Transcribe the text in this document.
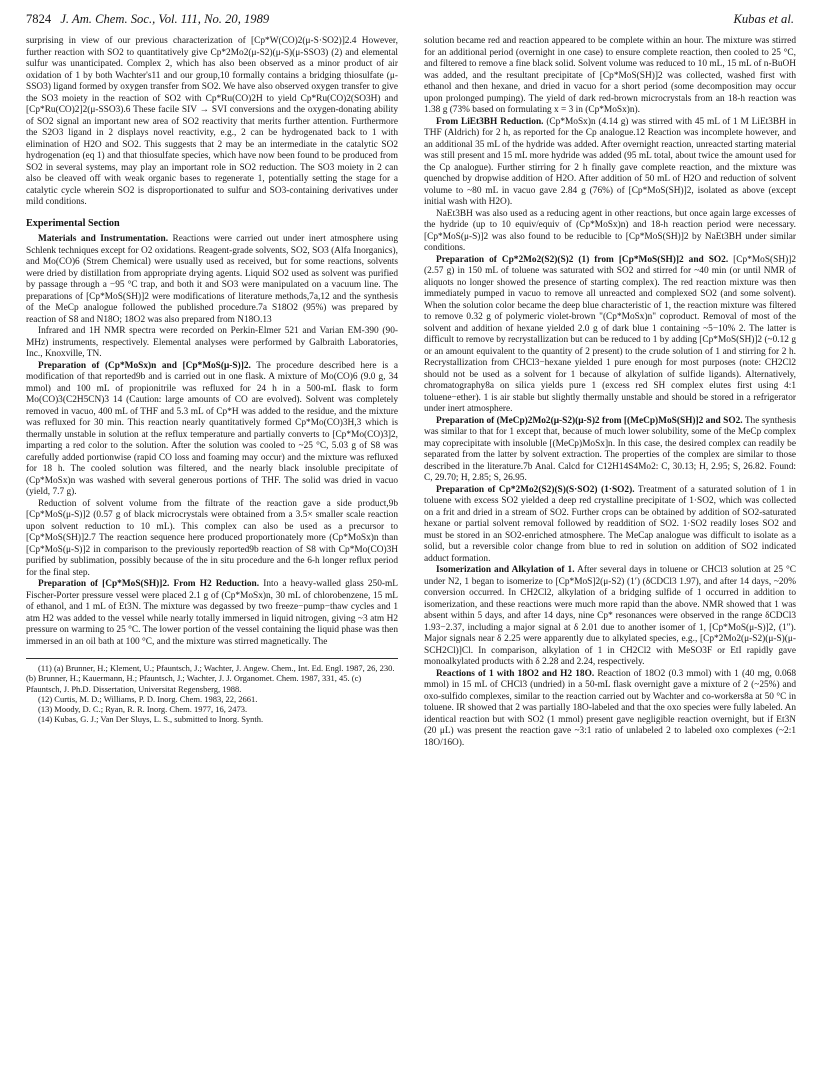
7824 J. Am. Chem. Soc., Vol. 111, No. 20, 1989	Kubas et al.

surprising in view of our previous characterization of [Cp*W(CO)2(μ-S·SO2)]2.4 However, further reaction with SO2 to quantitatively give Cp*2Mo2(μ-S2)(μ-S)(μ-SSO3) (2) and elemental sulfur was unanticipated. Complex 2, which has also been observed as a minor product of air oxidation of 1 by both Wachter's11 and our group,10 formally contains a bridging thiosulfate (μ-SSO3) ligand formed by oxygen transfer from SO2. We have also observed oxygen transfer to give the SO3 moiety in the reaction of SO2 with Cp*Ru(CO)2H to yield Cp*Ru(CO)2(SO3H) and [Cp*Ru(CO)2]2(μ-SSO3).6 These facile SIV → SVI conversions and the oxygen-donating ability of SO2 signal an important new area of SO2 reactivity that merits further attention. Furthermore the S2O3 ligand in 2 displays novel reactivity, e.g., 2 can be hydrogenated back to 1 with elimination of H2O and SO2. This suggests that 2 may be an intermediate in the catalytic SO2 hydrogenation (eq 1) and that thiosulfate species, which have now been found to be produced from SO2 in several systems, may play an important role in SO2 reduction. The SO3 moiety in 2 can also be cleaved off with weak organic bases to regenerate 1, potentially setting the stage for a catalytic cycle wherein SO2 is disproportionated to sulfur and SO3-containing derivatives under mild conditions.

Experimental Section

Materials and Instrumentation. Reactions were carried out under inert atmosphere using Schlenk techniques except for O2 oxidations. Reagent-grade solvents, SO2, SO3 (Alfa Inorganics), and Mo(CO)6 (Strem Chemical) were usually used as received, but for some reactions, solvents were dried by distillation from appropriate drying agents. Liquid SO2 used as solvent was purified by passage through a −95 °C trap, and both it and SO3 were manipulated on a vacuum line. The preparations of [Cp*MoS(SH)]2 were modifications of literature methods,7a,12 and the synthesis of the MeCp analogue followed the published procedure.7a S18O2 (95%) was prepared by reaction of S8 and N18O; 18O2 was also prepared from N18O.13

Infrared and 1H NMR spectra were recorded on Perkin-Elmer 521 and Varian EM-390 (90-MHz) instruments, respectively. Elemental analyses were performed by Galbraith Laboratories, Inc., Knoxville, TN.

Preparation of (Cp*MoSx)n and [Cp*MoS(μ-S)]2. The procedure described here is a modification of that reported9b and is carried out in one flask. A mixture of Mo(CO)6 (9.0 g, 34 mmol) and 100 mL of propionitrile was refluxed for 24 h in a 500-mL flask to form Mo(CO)3(C2H5CN)3 14 (Caution: large amounts of CO are evolved). Solvent was completely removed in vacuo, 400 mL of THF and 5.3 mL of Cp*H was added to the residue, and the mixture was refluxed for 30 min. This reaction nearly quantitatively formed Cp*Mo(CO)3H,3 which is thermally unstable in solution at the reflux temperature and partially converts to [Cp*Mo(CO)3]2, imparting a red color to the solution. After the solution was cooled to ~25 °C, 5.03 g of S8 was carefully added portionwise (rapid CO loss and foaming may occur) and the mixture was refluxed for 18 h. The cooled solution was filtered, and the nearly black insoluble precipitate of (Cp*MoSx)n was washed with several generous portions of THF. The solid was dried in vacuo (yield, 7.7 g).

Reduction of solvent volume from the filtrate of the reaction gave a side product,9b [Cp*MoS(μ-S)]2 (0.57 g of black microcrystals were obtained from a 3.5× smaller scale reaction upon solvent reduction to 10 mL). This complex can also be used as a precursor to [Cp*MoS(SH)]2.7 The reaction sequence here produced proportionately more (Cp*MoSx)n than [Cp*MoS(μ-S)]2 in comparison to the previously reported9b reaction of S8 with Cp*Mo(CO)3H purified by sublimation, possibly because of the in situ procedure and the 6-h longer reflux period for the final step.

Preparation of [Cp*MoS(SH)]2. From H2 Reduction. Into a heavy-walled glass 250-mL Fischer-Porter pressure vessel were placed 2.1 g of (Cp*MoSx)n, 30 mL of chlorobenzene, 15 mL of ethanol, and 1 mL of Et3N. The mixture was degassed by two freeze−pump−thaw cycles and 1 atm H2 was added to the vessel while nearly totally immersed in liquid nitrogen, giving ~3 atm H2 pressure on warming to 25 °C. The lower portion of the vessel containing the liquid phase was then immersed in an oil bath at 100 °C, and the mixture was stirred magnetically. The

(11) (a) Brunner, H.; Klement, U.; Pfauntsch, J.; Wachter, J. Angew. Chem., Int. Ed. Engl. 1987, 26, 230. (b) Brunner, H.; Kauermann, H.; Pfauntsch, J.; Wachter, J. J. Organomet. Chem. 1987, 331, 45. (c) Pfauntsch, J. Ph.D. Dissertation, Universitat Regensberg, 1988.

(12) Curtis, M. D.; Williams, P. D. Inorg. Chem. 1983, 22, 2661.

(13) Moody, D. C.; Ryan, R. R. Inorg. Chem. 1977, 16, 2473.

(14) Kubas, G. J.; Van Der Sluys, L. S., submitted to Inorg. Synth.

solution became red and reaction appeared to be complete within an hour. The mixture was stirred for an additional period (overnight in one case) to ensure complete reaction, then cooled to 25 °C, and filtered to remove a fine black solid. Solvent volume was reduced to 10 mL, 15 mL of n-BuOH was added, and the resultant precipitate of [Cp*MoS(SH)]2 was collected, washed first with ethanol and then hexane, and dried in vacuo for a short period (some decomposition may occur upon prolonged pumping). The yield of dark red-brown microcrystals from an 18-h reaction was 1.38 g (73% based on formulating x = 3 in (Cp*MoSx)n).

From LiEt3BH Reduction. (Cp*MoSx)n (4.14 g) was stirred with 45 mL of 1 M LiEt3BH in THF (Aldrich) for 2 h, as reported for the Cp analogue.12 Reaction was incomplete however, and an additional 35 mL of the hydride was added. After overnight reaction, unreacted starting material was still present and 15 mL more hydride was added (95 mL total, about twice the amount used for the Cp analogue). Further stirring for 2 h finally gave complete reaction, and the mixture was quenched by dropwise addition of H2O. After addition of 50 mL of H2O and reduction of solvent volume to ~80 mL in vacuo gave 2.84 g (76%) of [Cp*MoS(SH)]2, isolated as above (except initial wash with H2O).

NaEt3BH was also used as a reducing agent in other reactions, but once again large excesses of the hydride (up to 10 equiv/equiv of (Cp*MoSx)n) and 18-h reaction period were necessary. [Cp*MoS(μ-S)]2 was also found to be reducible to [Cp*MoS(SH)]2 by NaEt3BH under similar conditions.

Preparation of Cp*2Mo2(S2)(S)2 (1) from [Cp*MoS(SH)]2 and SO2. [Cp*MoS(SH)]2 (2.57 g) in 150 mL of toluene was saturated with SO2 and stirred for ~40 min (or until NMR of aliquots no longer showed the presence of starting complex). The red reaction mixture was then immediately pumped in vacuo to remove all unreacted and complexed SO2 (and some solvent). When the solution color became the deep blue characteristic of 1, the reaction mixture was filtered to remove 0.32 g of polymeric violet-brown "(Cp*MoSx)n" coproduct. Removal of most of the solvent and addition of hexane yielded 2.0 g of dark blue 1 containing ~5−10% 2. The latter is difficult to remove by recrystallization but can be reduced to 1 by adding [Cp*MoS(SH)]2 (~0.12 g or an amount equivalent to the quantity of 2 present) to the crude solution of 1 and stirring for 2 h. Recrystallization from CHCl3−hexane yielded 1 pure enough for most purposes (note: CH2Cl2 should not be used as a solvent for 1 because of alkylation of sulfide ligands). Alternatively, chromatography8a on silica yields pure 1 (excess red SH complex elutes first using 4:1 toluene−ether). 1 is air stable but slightly thermally unstable and should be stored in a refrigerator under inert atmosphere.

Preparation of (MeCp)2Mo2(μ-S2)(μ-S)2 from [(MeCp)MoS(SH)]2 and SO2. The synthesis was similar to that for 1 except that, because of much lower solubility, some of the MeCp complex may coprecipitate with insoluble [(MeCp)MoSx]n. In this case, the desired complex can readily be separated from the latter by solvent extraction. The properties of the complex are similar to those described in the literature.7b Anal. Calcd for C12H14S4Mo2: C, 30.13; H, 2.95; S, 26.82. Found: C, 29.70; H, 2.85; S, 26.95.

Preparation of Cp*2Mo2(S2)(S)(S·SO2) (1·SO2). Treatment of a saturated solution of 1 in toluene with excess SO2 yielded a deep red crystalline precipitate of 1·SO2, which was collected on a frit and dried in a stream of SO2. Further crops can be obtained by addition of SO2-saturated hexane or partial solvent removal followed by readdition of SO2. 1·SO2 readily loses SO2 and must be stored in an SO2-enriched atmosphere. The MeCap analogue was difficult to isolate as a solid, but a reversible color change from blue to red in solution on addition of SO2 indicated adduct formation.

Isomerization and Alkylation of 1. After several days in toluene or CHCl3 solution at 25 °C under N2, 1 began to isomerize to [Cp*MoS]2(μ-S2) (1′) (δCDCl3 1.97), and after 14 days, ~20% conversion occurred. In CH2Cl2, alkylation of a bridging sulfide of 1 occurred in addition to isomerization, and these reactions were much more rapid than the above. NMR showed that 1 was absent within 5 days, and after 14 days, nine Cp* resonances were observed in the range δCDCl3 1.93−2.37, including a major signal at δ 2.01 due to another isomer of 1, [Cp*MoS(μ-S)]2, (1″). Major signals near δ 2.25 were apparently due to alkylated species, e.g., [Cp*2Mo2(μ-S2)(μ-S)(μ-SCH2Cl)]Cl. In comparison, alkylation of 1 in CH2Cl2 with MeSO3F or EtI rapidly gave monoalkylated products with δ 2.28 and 2.24, respectively.

Reactions of 1 with 18O2 and H2 18O. Reaction of 18O2 (0.3 mmol) with 1 (40 mg, 0.068 mmol) in 15 mL of CHCl3 (undried) in a 50-mL flask overnight gave a mixture of 2 (~25%) and oxo-sulfido complexes, similar to the reaction carried out by Wachter and co-workers8a at 50 °C in toluene. IR showed that 2 was partially 18O-labeled and that the oxo species were fully labeled. An identical reaction but with SO2 (1 mmol) present gave negligible reaction overnight, but if Et3N (20 μL) was present the reaction gave ~3:1 ratio of unlabeled 2 to labeled oxo complexes (~2:1 18O/16O).
